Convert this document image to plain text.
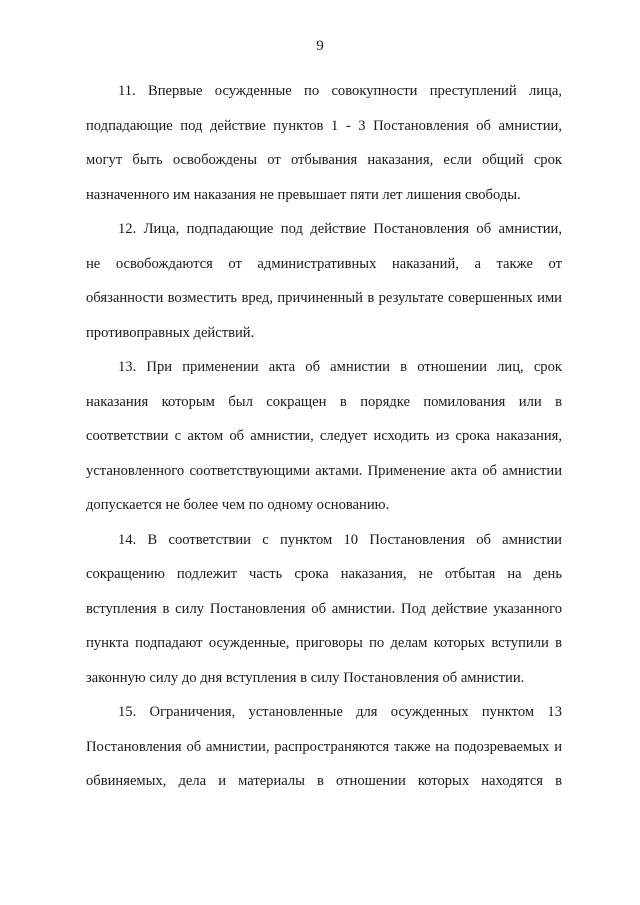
9
11. Впервые осужденные по совокупности преступлений лица,
подпадающие под действие пунктов 1 - 3 Постановления об амнистии,
могут быть освобождены от отбывания наказания, если общий срок
назначенного им наказания не превышает пяти лет лишения свободы.
12. Лица, подпадающие под действие Постановления об амнистии,
не освобождаются от административных наказаний, а также от
обязанности возместить вред, причиненный в результате совершенных ими
противоправных действий.
13. При применении акта об амнистии в отношении лиц, срок
наказания которым был сокращен в порядке помилования или в
соответствии с актом об амнистии, следует исходить из срока наказания,
установленного соответствующими актами. Применение акта об амнистии
допускается не более чем по одному основанию.
14. В соответствии с пунктом 10 Постановления об амнистии
сокращению подлежит часть срока наказания, не отбытая на день
вступления в силу Постановления об амнистии. Под действие указанного
пункта подпадают осужденные, приговоры по делам которых вступили в
законную силу до дня вступления в силу Постановления об амнистии.
15. Ограничения, установленные для осужденных пунктом 13
Постановления об амнистии, распространяются также на подозреваемых и
обвиняемых, дела и материалы в отношении которых находятся в
